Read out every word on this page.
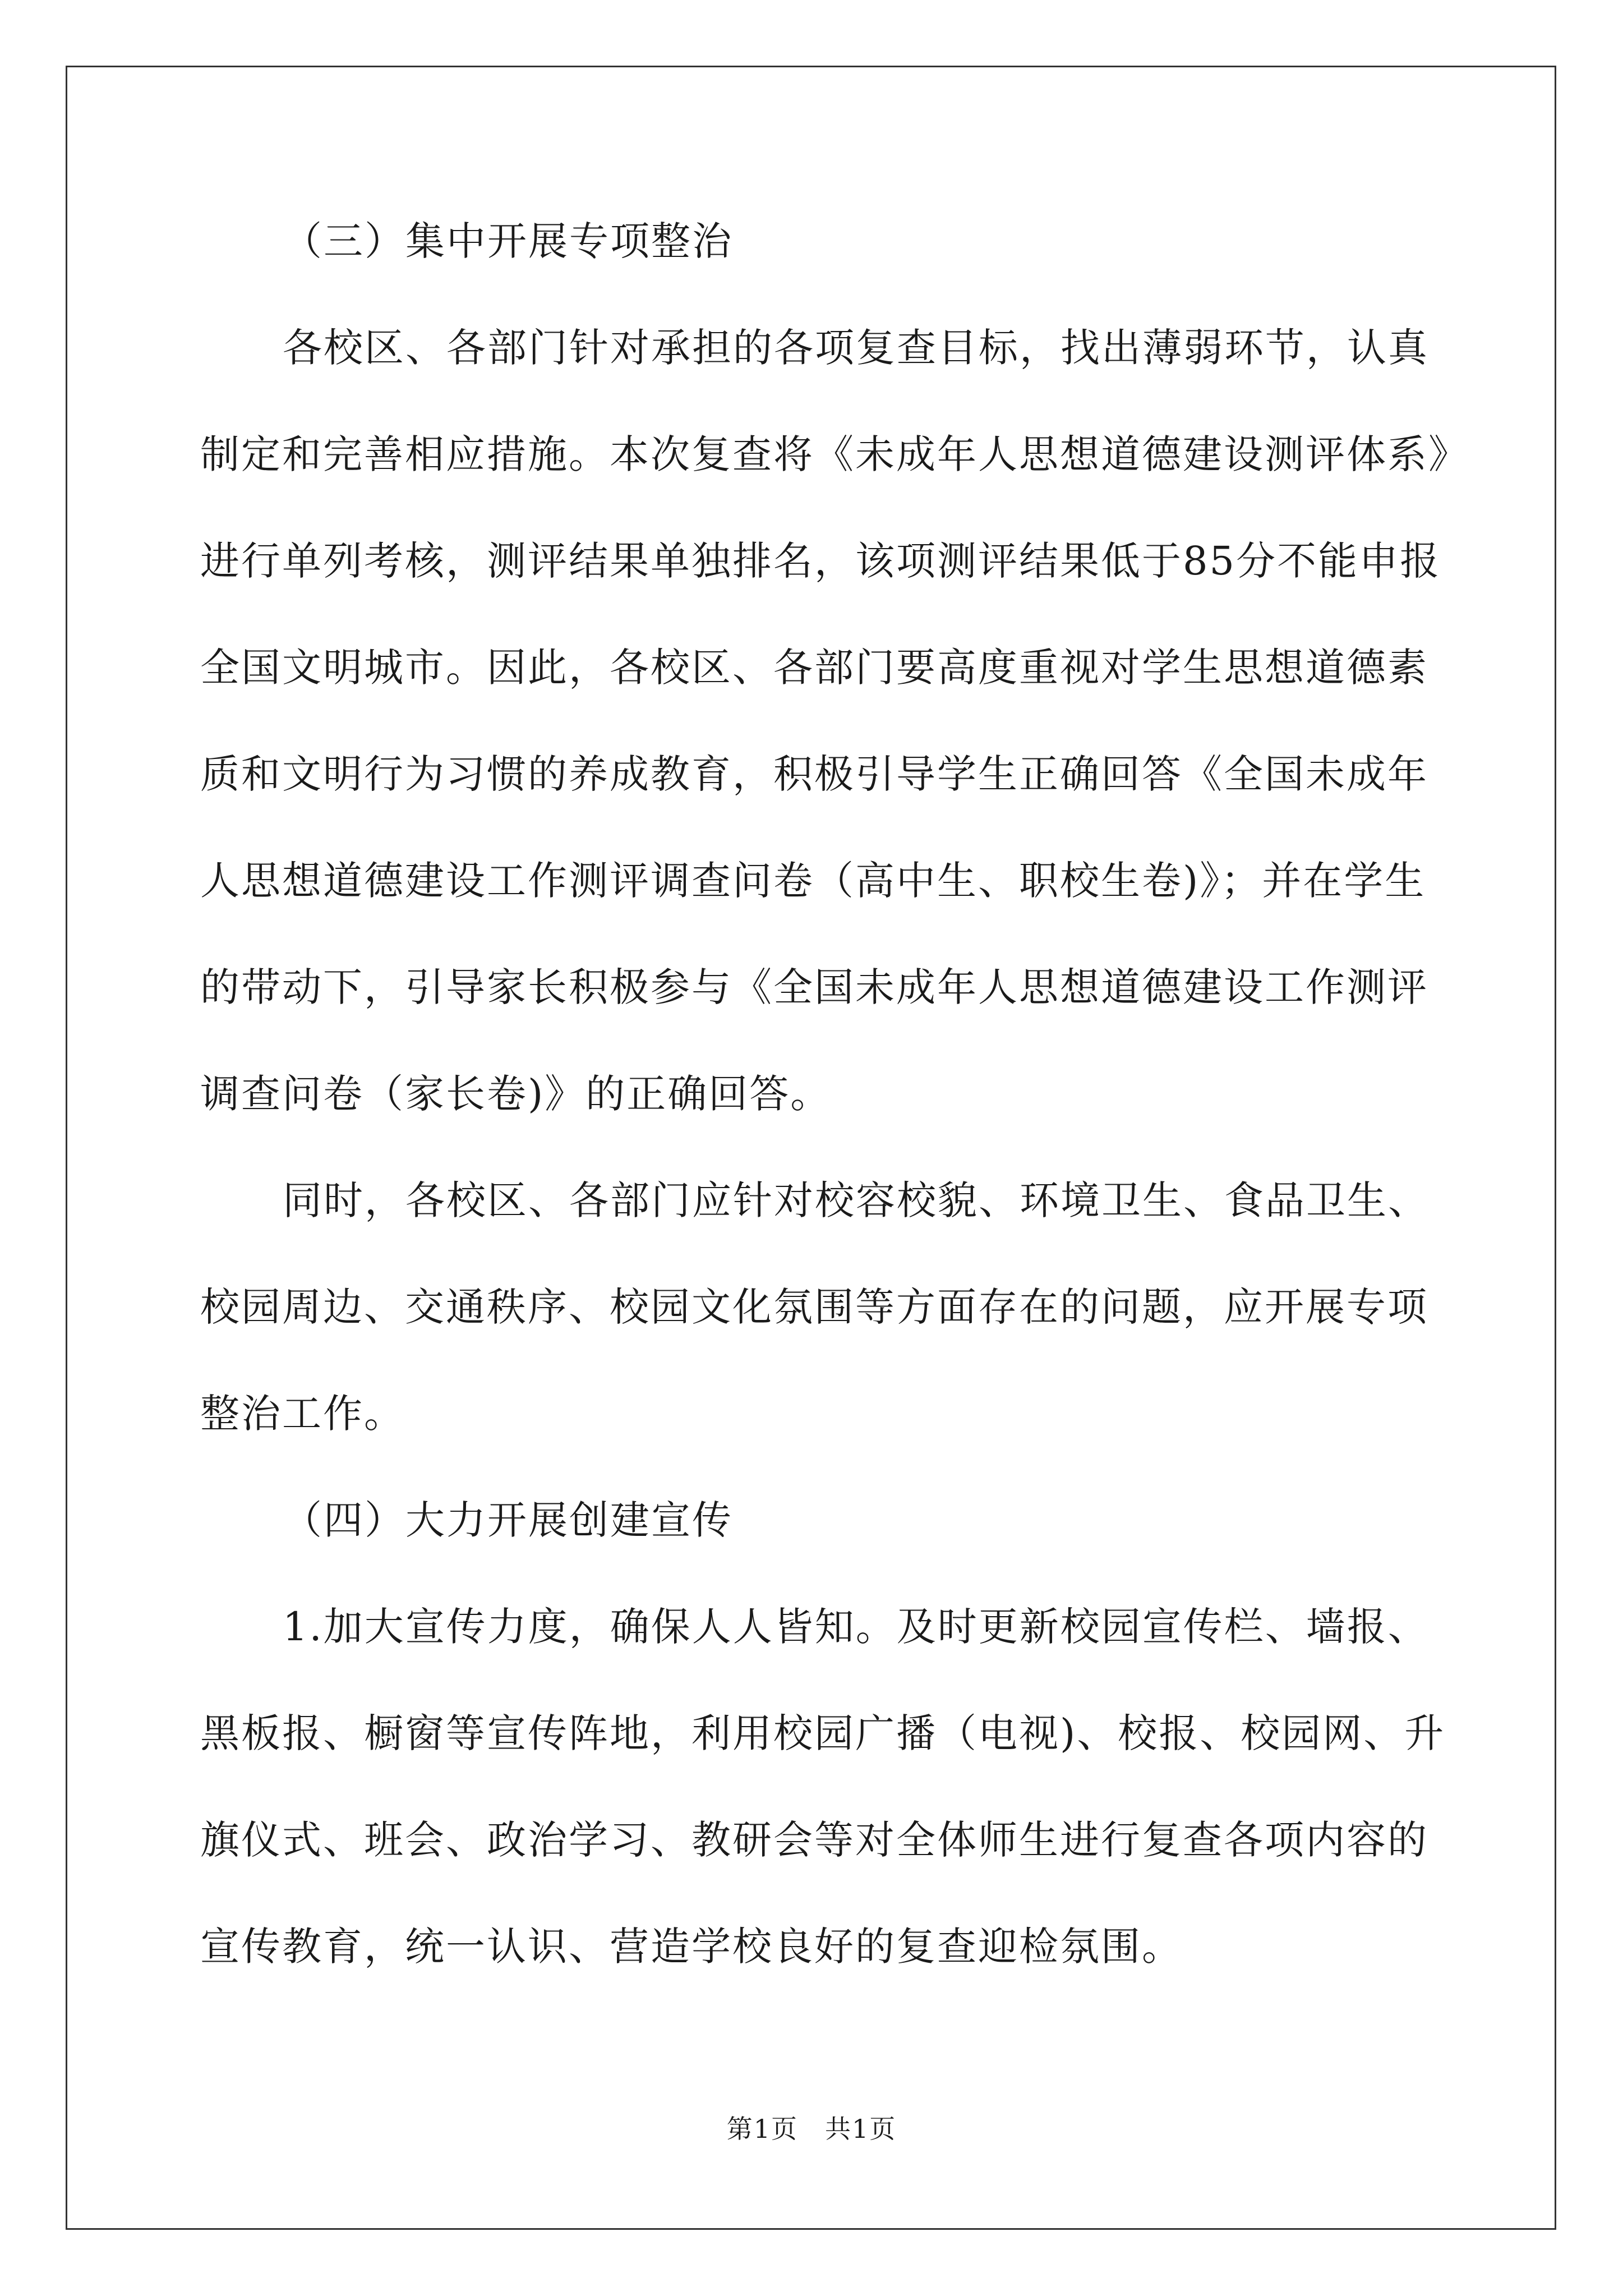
（三）集中开展专项整治
各校区、各部门针对承担的各项复查目标，找出薄弱环节，认真
制定和完善相应措施。本次复查将《未成年人思想道德建设测评体系》
进行单列考核，测评结果单独排名，该项测评结果低于85分不能申报
全国文明城市。因此，各校区、各部门要高度重视对学生思想道德素
质和文明行为习惯的养成教育，积极引导学生正确回答《全国未成年
人思想道德建设工作测评调查问卷（高中生、职校生卷)》；并在学生
的带动下，引导家长积极参与《全国未成年人思想道德建设工作测评
调查问卷（家长卷)》的正确回答。
同时，各校区、各部门应针对校容校貌、环境卫生、食品卫生、
校园周边、交通秩序、校园文化氛围等方面存在的问题，应开展专项
整治工作。
（四）大力开展创建宣传
1.加大宣传力度，确保人人皆知。及时更新校园宣传栏、墙报、
黑板报、橱窗等宣传阵地，利用校园广播（电视)、校报、校园网、升
旗仪式、班会、政治学习、教研会等对全体师生进行复查各项内容的
宣传教育，统一认识、营造学校良好的复查迎检氛围。
第1页　共1页
